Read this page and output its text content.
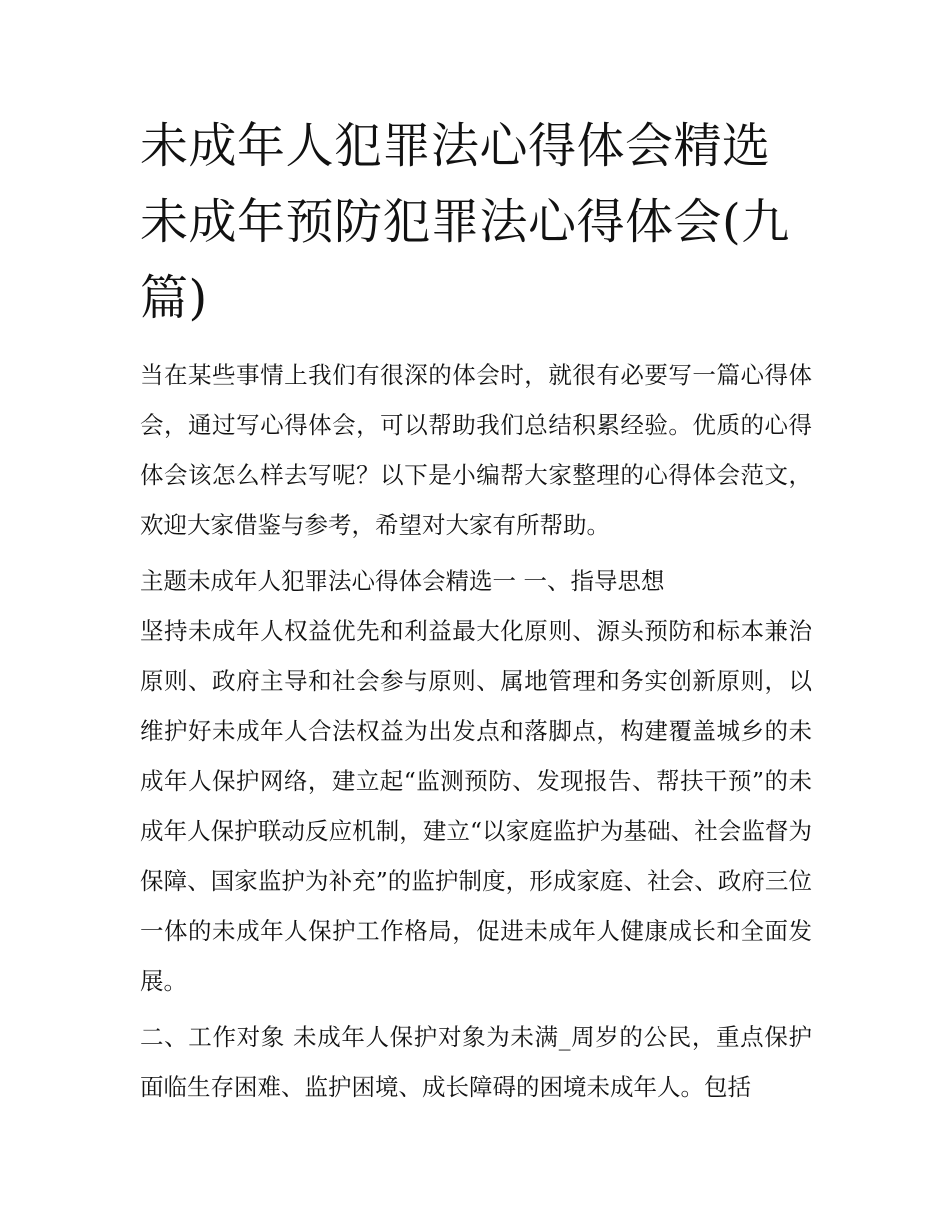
未成年人犯罪法心得体会精选未成年预防犯罪法心得体会(九篇)

当在某些事情上我们有很深的体会时，就很有必要写一篇心得体会，通过写心得体会，可以帮助我们总结积累经验。优质的心得体会该怎么样去写呢？以下是小编帮大家整理的心得体会范文，欢迎大家借鉴与参考，希望对大家有所帮助。

主题未成年人犯罪法心得体会精选一 一、指导思想

坚持未成年人权益优先和利益最大化原则、源头预防和标本兼治原则、政府主导和社会参与原则、属地管理和务实创新原则，以维护好未成年人合法权益为出发点和落脚点，构建覆盖城乡的未成年人保护网络，建立起“监测预防、发现报告、帮扶干预”的未成年人保护联动反应机制，建立“以家庭监护为基础、社会监督为保障、国家监护为补充”的监护制度，形成家庭、社会、政府三位一体的未成年人保护工作格局，促进未成年人健康成长和全面发展。

二、工作对象 未成年人保护对象为未满_周岁的公民，重点保护面临生存困难、监护困境、成长障碍的困境未成年人。包括
